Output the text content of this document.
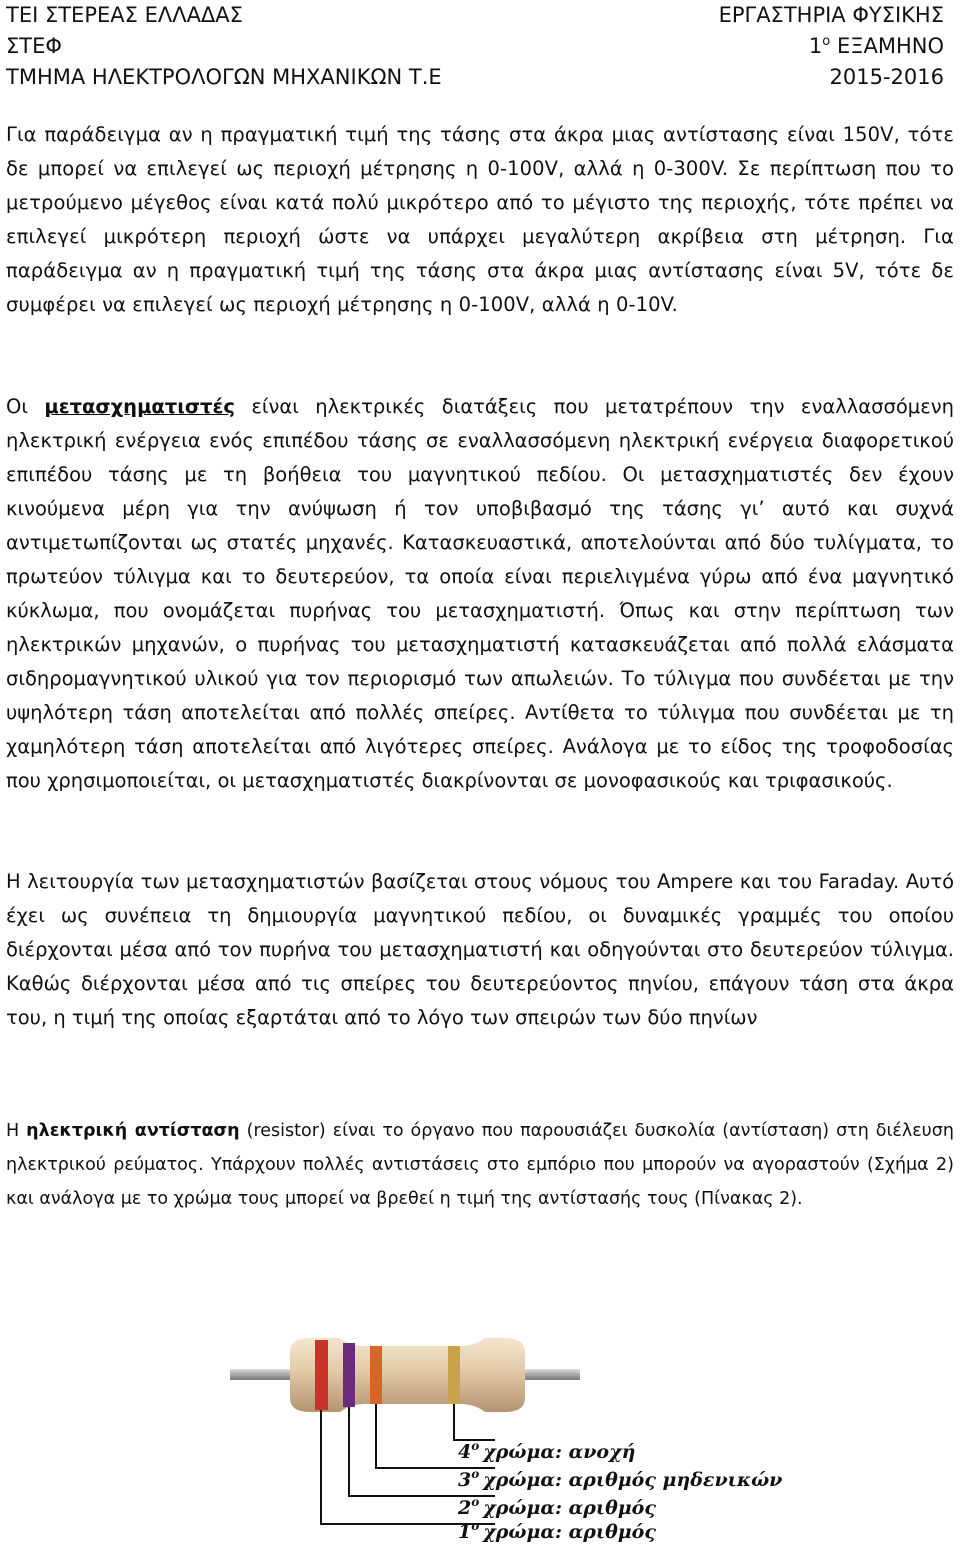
ΤΕΙ ΣΤΕΡΕΑΣ ΕΛΛΑΔΑΣ	ΕΡΓΑΣΤΗΡΙΑ ΦΥΣΙΚΗΣ
ΣΤΕΦ	$1^o$ ΕΞΑΜΗΝΟ
ΤΜΗΜΑ ΗΛΕΚΤΡΟΛΟΓΩΝ ΜΗΧΑΝΙΚΩΝ Τ.Ε	2015-2016

Για παράδειγμα αν η πραγματική τιμή της τάσης στα άκρα μιας αντίστασης είναι 150V, τότε δε μπορεί να επιλεγεί ως περιοχή μέτρησης η 0-100V, αλλά η 0-300V. Σε περίπτωση που το μετρούμενο μέγεθος είναι κατά πολύ μικρότερο από το μέγιστο της περιοχής, τότε πρέπει να επιλεγεί μικρότερη περιοχή ώστε να υπάρχει μεγαλύτερη ακρίβεια στη μέτρηση. Για παράδειγμα αν η πραγματική τιμή της τάσης στα άκρα μιας αντίστασης είναι 5V, τότε δε συμφέρει να επιλεγεί ως περιοχή μέτρησης η 0-100V, αλλά η 0-10V.

Οι μετασχηματιστές είναι ηλεκτρικές διατάξεις που μετατρέπουν την εναλλασσόμενη ηλεκτρική ενέργεια ενός επιπέδου τάσης σε εναλλασσόμενη ηλεκτρική ενέργεια διαφορετικού επιπέδου τάσης με τη βοήθεια του μαγνητικού πεδίου. Οι μετασχηματιστές δεν έχουν κινούμενα μέρη για την ανύψωση ή τον υποβιβασμό της τάσης γι’ αυτό και συχνά αντιμετωπίζονται ως στατές μηχανές. Κατασκευαστικά, αποτελούνται από δύο τυλίγματα, το πρωτεύον τύλιγμα και το δευτερεύον, τα οποία είναι περιελιγμένα γύρω από ένα μαγνητικό κύκλωμα, που ονομάζεται πυρήνας του μετασχηματιστή. Όπως και στην περίπτωση των ηλεκτρικών μηχανών, ο πυρήνας του μετασχηματιστή κατασκευάζεται από πολλά ελάσματα σιδηρομαγνητικού υλικού για τον περιορισμό των απωλειών. Το τύλιγμα που συνδέεται με την υψηλότερη τάση αποτελείται από πολλές σπείρες. Αντίθετα το τύλιγμα που συνδέεται με τη χαμηλότερη τάση αποτελείται από λιγότερες σπείρες. Ανάλογα με το είδος της τροφοδοσίας που χρησιμοποιείται, οι μετασχηματιστές διακρίνονται σε μονοφασικούς και τριφασικούς.

Η λειτουργία των μετασχηματιστών βασίζεται στους νόμους του Ampere και του Faraday. Αυτό έχει ως συνέπεια τη δημιουργία μαγνητικού πεδίου, οι δυναμικές γραμμές του οποίου διέρχονται μέσα από τον πυρήνα του μετασχηματιστή και οδηγούνται στο δευτερεύον τύλιγμα. Καθώς διέρχονται μέσα από τις σπείρες του δευτερεύοντος πηνίου, επάγουν τάση στα άκρα του, η τιμή της οποίας εξαρτάται από το λόγο των σπειρών των δύο πηνίων

Η ηλεκτρική αντίσταση (resistor) είναι το όργανο που παρουσιάζει δυσκολία (αντίσταση) στη διέλευση ηλεκτρικού ρεύματος. Υπάρχουν πολλές αντιστάσεις στο εμπόριο που μπορούν να αγοραστούν (Σχήμα 2) και ανάλογα με το χρώμα τους μπορεί να βρεθεί η τιμή της αντίστασής τους (Πίνακας 2).

$4^o$ χρώμα: ανοχή
$3^o$ χρώμα: αριθμός μηδενικών
$2^o$ χρώμα: αριθμός
$1^o$ χρώμα: αριθμός
